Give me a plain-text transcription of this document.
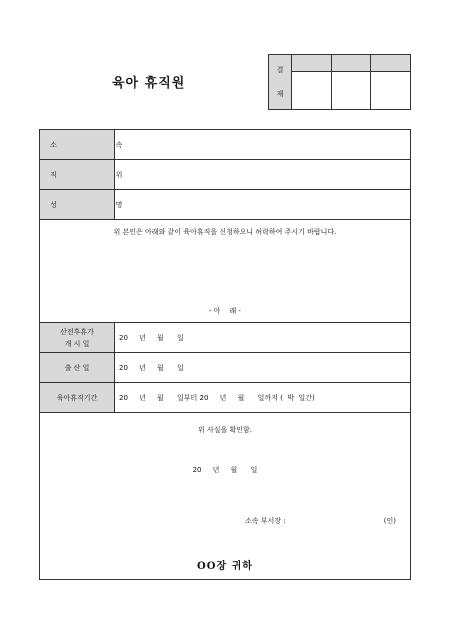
육아 휴직원
결
재			

소    속	
직    위	
성    명	

위 본인은 아래와 같이 육아휴직을 신청하오니 허락하여 주시기 바랍니다.
- 아    래 -	

산전후휴가
개 시 일	20     년     월      일
출 산 일	20     년     월      일
육아휴직기간	20     년     월      일부터 20     년     월      일까지 (  박  일간)

위 사실을 확인함.
20     년     월      일
소속 부서장 : (인)
OO장 귀하	
